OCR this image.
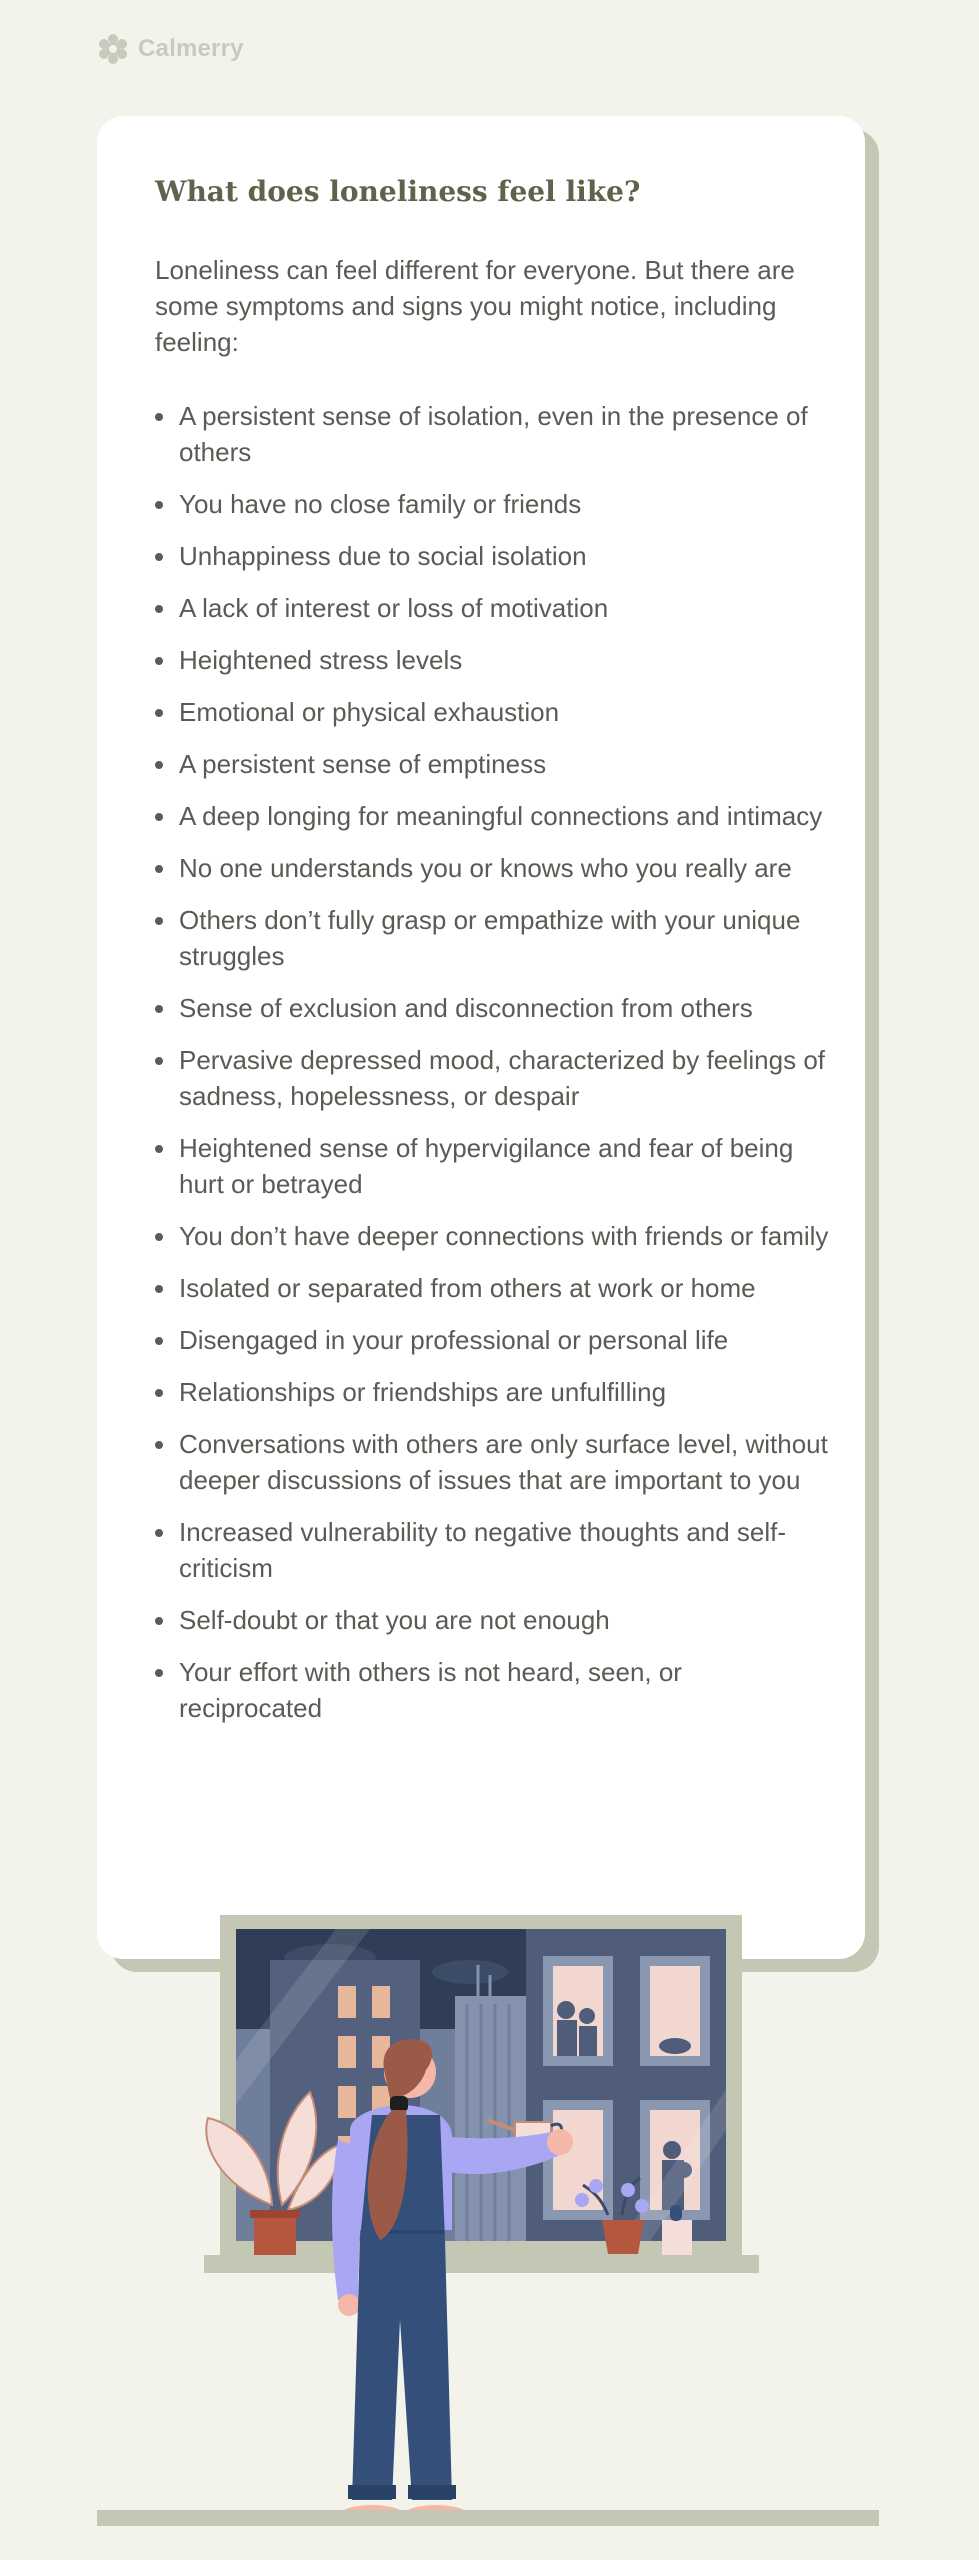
Calmerry
What does loneliness feel like?

Loneliness can feel different for everyone. But there are some symptoms and signs you might notice, including feeling:

A persistent sense of isolation, even in the presence of others
You have no close family or friends
Unhappiness due to social isolation
A lack of interest or loss of motivation
Heightened stress levels
Emotional or physical exhaustion
A persistent sense of emptiness
A deep longing for meaningful connections and intimacy
No one understands you or knows who you really are
Others don’t fully grasp or empathize with your unique struggles
Sense of exclusion and disconnection from others
Pervasive depressed mood, characterized by feelings of sadness, hopelessness, or despair
Heightened sense of hypervigilance and fear of being hurt or betrayed
You don’t have deeper connections with friends or family
Isolated or separated from others at work or home
Disengaged in your professional or personal life
Relationships or friendships are unfulfilling
Conversations with others are only surface level, without deeper discussions of issues that are important to you
Increased vulnerability to negative thoughts and self-criticism
Self-doubt or that you are not enough
Your effort with others is not heard, seen, or reciprocated
